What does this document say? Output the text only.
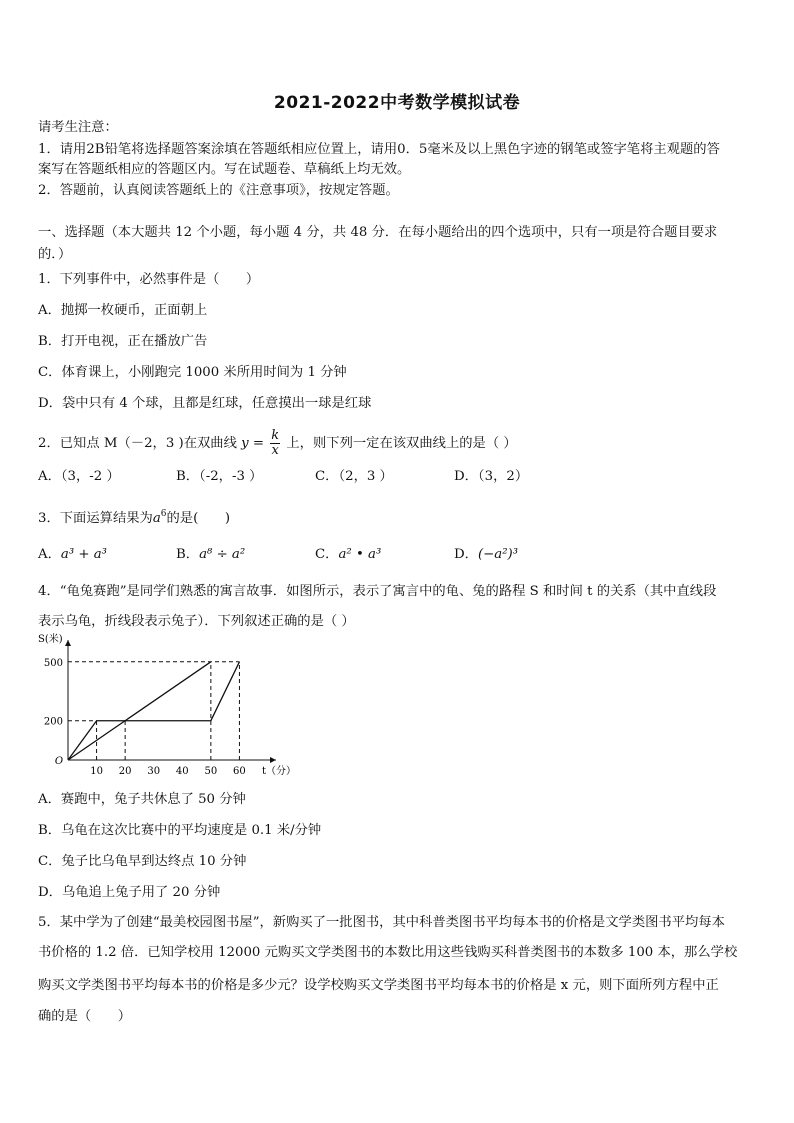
2021-2022中考数学模拟试卷
请考生注意：
1．请用2B铅笔将选择题答案涂填在答题纸相应位置上，请用0．5毫米及以上黑色字迹的钢笔或签字笔将主观题的答
案写在答题纸相应的答题区内。写在试题卷、草稿纸上均无效。
2．答题前，认真阅读答题纸上的《注意事项》，按规定答题。
一、选择题（本大题共 12 个小题，每小题 4 分，共 48 分．在每小题给出的四个选项中，只有一项是符合题目要求
的．）
1．下列事件中，必然事件是（　　）
A．抛掷一枚硬币，正面朝上
B．打开电视，正在播放广告
C．体育课上，小刚跑完 1000 米所用时间为 1 分钟
D．袋中只有 4 个球，且都是红球，任意摸出一球是红球
2．已知点 M（－2，3 )在双曲线 $y = \frac{k}{x}$ 上，则下列一定在该双曲线上的是（ ）
A．（3，-2 ）	B．（-2，-3 ）	C．（2，3 ）	D．（3，2）
3．下面运算结果为$a^6$的是(　　)
A．a³ + a³	B．a⁸ ÷ a²	C．a² • a³	D．(−a²)³
4．“龟兔赛跑”是同学们熟悉的寓言故事．如图所示，表示了寓言中的龟、兔的路程 S 和时间 t 的关系（其中直线段
表示乌龟，折线段表示兔子）．下列叙述正确的是（ ）
10 20 30 40 50 60
200
500
O
S(米)
t（分）
A．赛跑中，兔子共休息了 50 分钟
B．乌龟在这次比赛中的平均速度是 0.1 米/分钟
C．兔子比乌龟早到达终点 10 分钟
D．乌龟追上兔子用了 20 分钟
5．某中学为了创建“最美校园图书屋”，新购买了一批图书，其中科普类图书平均每本书的价格是文学类图书平均每本
书价格的 1.2 倍．已知学校用 12000 元购买文学类图书的本数比用这些钱购买科普类图书的本数多 100 本，那么学校
购买文学类图书平均每本书的价格是多少元？设学校购买文学类图书平均每本书的价格是 x 元，则下面所列方程中正
确的是（　　）
